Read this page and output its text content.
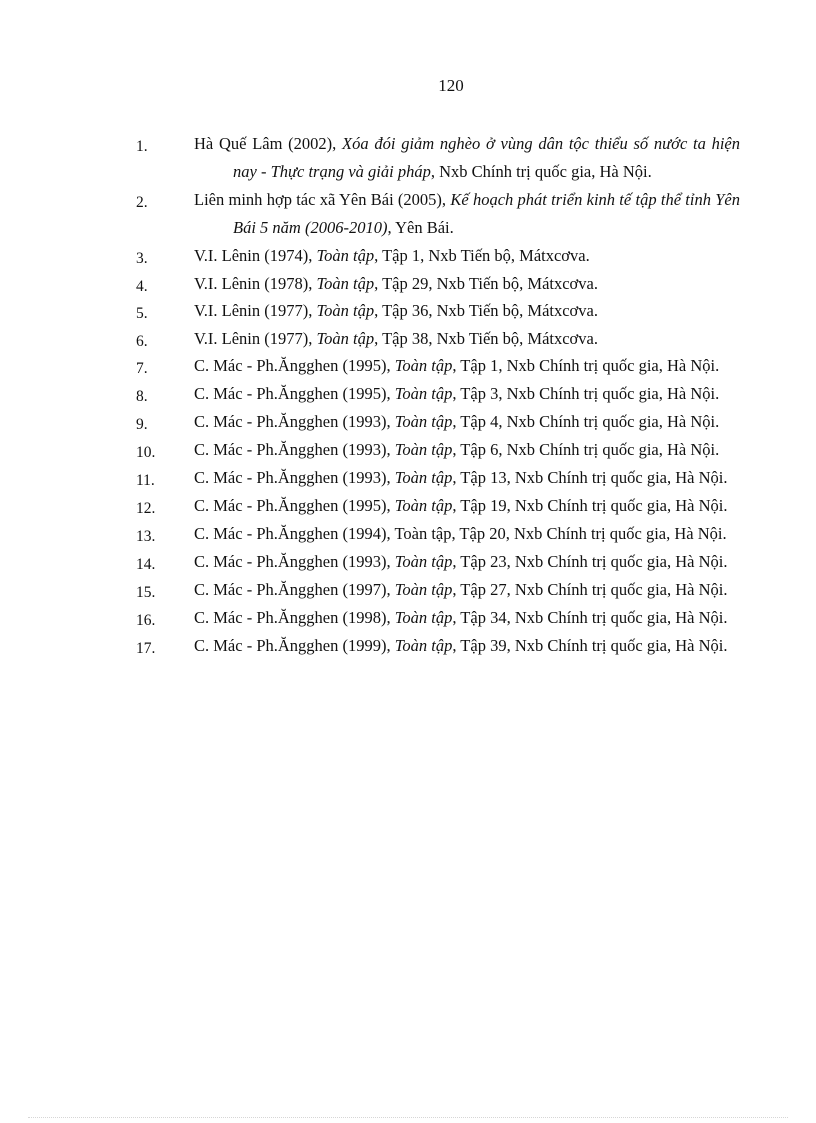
120
1.	Hà Quế Lâm (2002), Xóa đói giảm nghèo ở vùng dân tộc thiểu số nước ta hiện nay - Thực trạng và giải pháp, Nxb Chính trị quốc gia, Hà Nội.
2.	Liên minh hợp tác xã Yên Bái (2005), Kế hoạch phát triển kinh tế tập thể tỉnh Yên Bái 5 năm (2006-2010), Yên Bái.
3.	V.I. Lênin (1974), Toàn tập, Tập 1, Nxb Tiến bộ, Mátxcơva.
4.	V.I. Lênin (1978), Toàn tập, Tập 29, Nxb Tiến bộ, Mátxcơva.
5.	V.I. Lênin (1977), Toàn tập, Tập 36, Nxb Tiến bộ, Mátxcơva.
6.	V.I. Lênin (1977), Toàn tập, Tập 38, Nxb Tiến bộ, Mátxcơva.
7.	C. Mác - Ph.Ăngghen (1995), Toàn tập, Tập 1, Nxb Chính trị quốc gia, Hà Nội.
8.	C. Mác - Ph.Ăngghen (1995), Toàn tập, Tập 3, Nxb Chính trị quốc gia, Hà Nội.
9.	C. Mác - Ph.Ăngghen (1993), Toàn tập, Tập 4, Nxb Chính trị quốc gia, Hà Nội.
10. C. Mác - Ph.Ăngghen (1993), Toàn tập, Tập 6, Nxb Chính trị quốc gia, Hà Nội.
11. C. Mác - Ph.Ăngghen (1993), Toàn tập, Tập 13, Nxb Chính trị quốc gia, Hà Nội.
12. C. Mác - Ph.Ăngghen (1995), Toàn tập, Tập 19, Nxb Chính trị quốc gia, Hà Nội.
13. C. Mác - Ph.Ăngghen (1994), Toàn tập, Tập 20, Nxb Chính trị quốc gia, Hà Nội.
14. C. Mác - Ph.Ăngghen (1993), Toàn tập, Tập 23, Nxb Chính trị quốc gia, Hà Nội.
15. C. Mác - Ph.Ăngghen (1997), Toàn tập, Tập 27, Nxb Chính trị quốc gia, Hà Nội.
16. C. Mác - Ph.Ăngghen (1998), Toàn tập, Tập 34, Nxb Chính trị quốc gia, Hà Nội.
17. C. Mác - Ph.Ăngghen (1999), Toàn tập, Tập 39, Nxb Chính trị quốc gia, Hà Nội.
